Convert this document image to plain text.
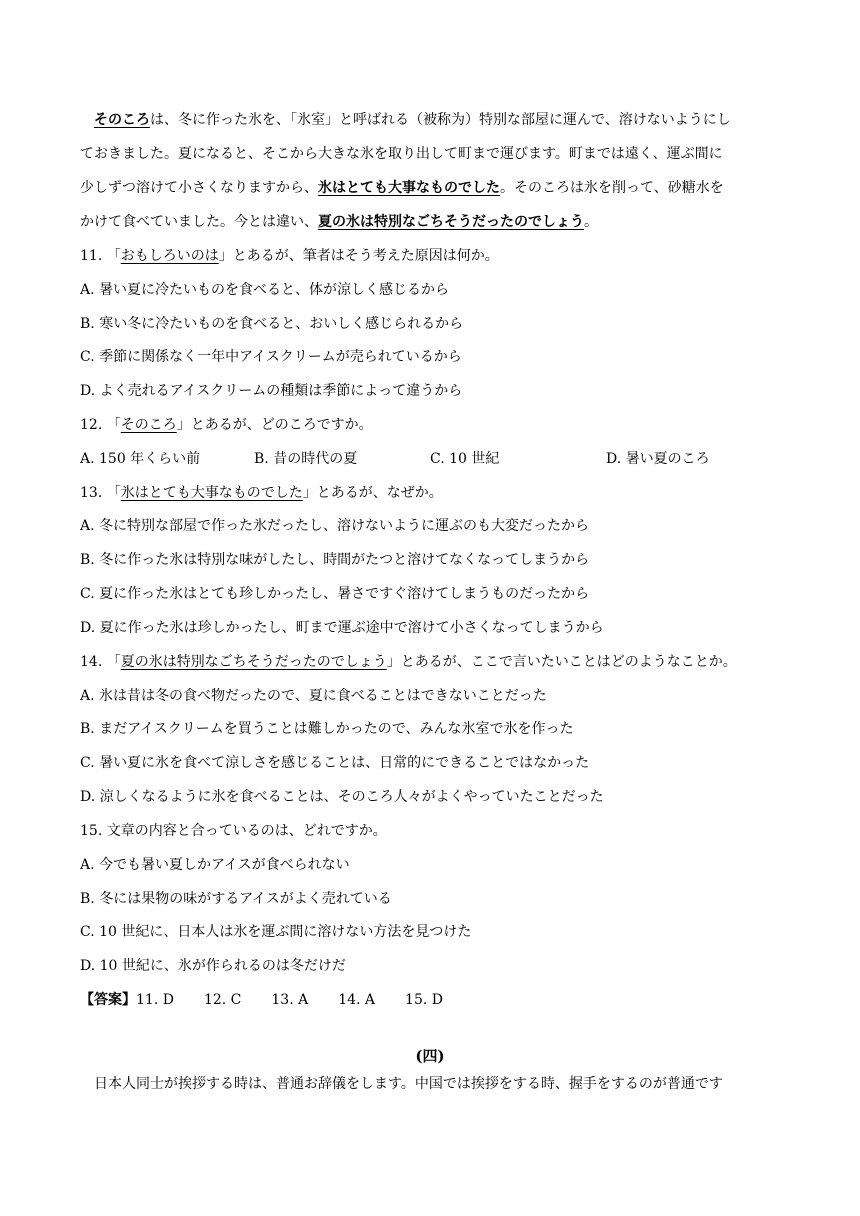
そのころは、冬に作った氷を、「氷室」と呼ばれる（被称为）特別な部屋に運んで、溶けないようにし
ておきました。夏になると、そこから大きな氷を取り出して町まで運びます。町までは遠く、運ぶ間に
少しずつ溶けて小さくなりますから、氷はとても大事なものでした。そのころは氷を削って、砂糖水を
かけて食べていました。今とは違い、夏の氷は特別なごちそうだったのでしょう。
11. 「おもしろいのは」とあるが、筆者はそう考えた原因は何か。
A. 暑い夏に冷たいものを食べると、体が涼しく感じるから
B. 寒い冬に冷たいものを食べると、おいしく感じられるから
C. 季節に関係なく一年中アイスクリームが売られているから
D. よく売れるアイスクリームの種類は季節によって違うから
12. 「そのころ」とあるが、どのころですか。
A. 150 年くらい前	B. 昔の時代の夏	C. 10 世紀	D. 暑い夏のころ
13. 「氷はとても大事なものでした」とあるが、なぜか。
A. 冬に特別な部屋で作った氷だったし、溶けないように運ぶのも大変だったから
B. 冬に作った氷は特別な味がしたし、時間がたつと溶けてなくなってしまうから
C. 夏に作った氷はとても珍しかったし、暑さですぐ溶けてしまうものだったから
D. 夏に作った氷は珍しかったし、町まで運ぶ途中で溶けて小さくなってしまうから
14. 「夏の氷は特別なごちそうだったのでしょう」とあるが、ここで言いたいことはどのようなことか。
A. 氷は昔は冬の食べ物だったので、夏に食べることはできないことだった
B. まだアイスクリームを買うことは難しかったので、みんな氷室で氷を作った
C. 暑い夏に氷を食べて涼しさを感じることは、日常的にできることではなかった
D. 涼しくなるように氷を食べることは、そのころ人々がよくやっていたことだった
15. 文章の内容と合っているのは、どれですか。
A. 今でも暑い夏しかアイスが食べられない
B. 冬には果物の味がするアイスがよく売れている
C. 10 世紀に、日本人は氷を運ぶ間に溶けない方法を見つけた
D. 10 世紀に、氷が作られるのは冬だけだ
【答案】11. D 12. C 13. A 14. A 15. D
(四)
日本人同士が挨拶する時は、普通お辞儀をします。中国では挨拶をする時、握手をするのが普通です
